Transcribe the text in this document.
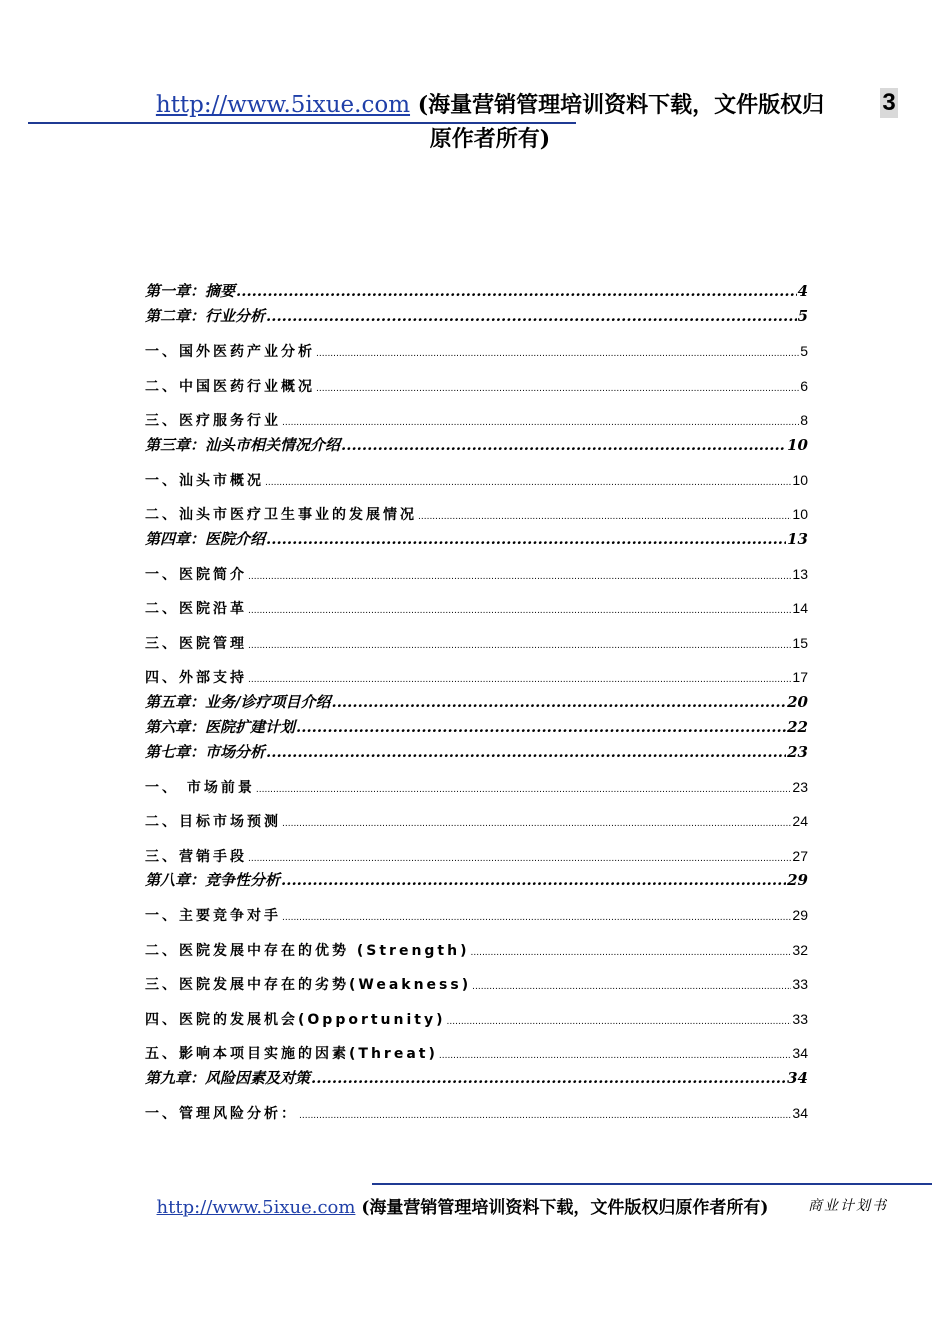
http://www.5ixue.com (海量营销管理培训资料下载，文件版权归原作者所有)
3
第一章：摘要 .....	4
第二章：行业分析 .....	5
一、国外医药产业分析 .....	5
二、中国医药行业概况 .....	6
三、医疗服务行业 .....	8
第三章：汕头市相关情况介绍 .....	10
一、汕头市概况 .....	10
二、汕头市医疗卫生事业的发展情况 .....	10
第四章：医院介绍 .....	13
一、医院简介 .....	13
二、医院沿革 .....	14
三、医院管理 .....	15
四、外部支持 .....	17
第五章：业务/诊疗项目介绍 .....	20
第六章：医院扩建计划 .....	22
第七章：市场分析 .....	23
一、 市场前景 .....	23
二、目标市场预测 .....	24
三、营销手段 .....	27
第八章：竞争性分析 .....	29
一、主要竞争对手 .....	29
二、医院发展中存在的优势 (Strength) .....	32
三、医院发展中存在的劣势(Weakness) .....	33
四、医院的发展机会(Opportunity) .....	33
五、影响本项目实施的因素(Threat) .....	34
第九章：风险因素及对策 .....	34
一、管理风险分析： .....	34
http://www.5ixue.com (海量营销管理培训资料下载，文件版权归原作者所有)	商业计划书
